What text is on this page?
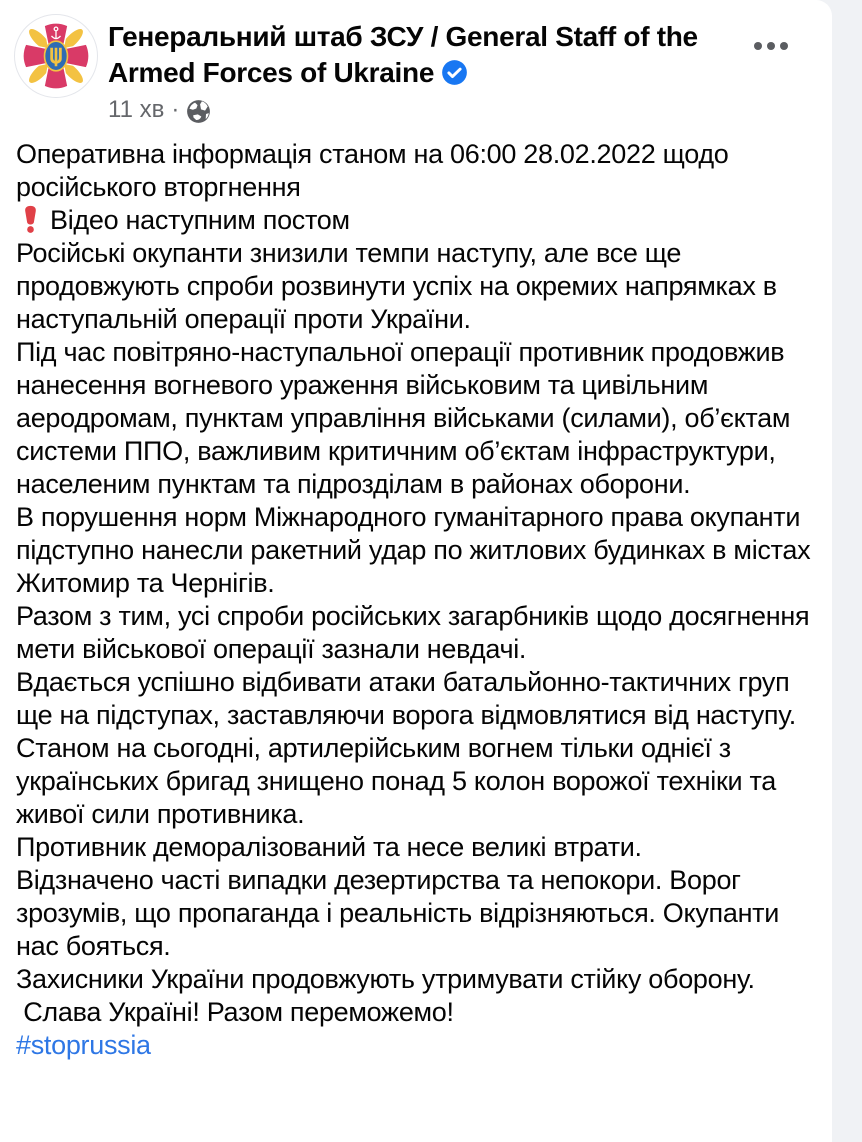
Генеральний штаб ЗСУ / General Staff of the Armed Forces of Ukraine
11 хв ·

Оперативна інформація станом на 06:00 28.02.2022 щодо російського вторгнення

Відео наступним постом

Російські окупанти знизили темпи наступу, але все ще продовжують спроби розвинути успіх на окремих напрямках в наступальній операції проти України.

Під час повітряно-наступальної операції противник продовжив нанесення вогневого ураження військовим та цивільним аеродромам, пунктам управління військами (силами), об’єктам системи ППО, важливим критичним об’єктам інфраструктури, населеним пунктам та підрозділам в районах оборони.

В порушення норм Міжнародного гуманітарного права окупанти підступно нанесли ракетний удар по житлових будинках в містах Житомир та Чернігів.

Разом з тим, усі спроби російських загарбників щодо досягнення мети військової операції зазнали невдачі.

Вдається успішно відбивати атаки батальйонно-тактичних груп ще на підступах, заставляючи ворога відмовлятися від наступу. Станом на сьогодні, артилерійським вогнем тільки однієї з українських бригад знищено понад 5 колон ворожої техніки та живої сили противника.

Противник деморалізований та несе великі втрати.

Відзначено часті випадки дезертирства та непокори. Ворог зрозумів, що пропаганда і реальність відрізняються. Окупанти нас бояться.

Захисники України продовжують утримувати стійку оборону.

Слава Україні! Разом переможемо!

#stoprussia
